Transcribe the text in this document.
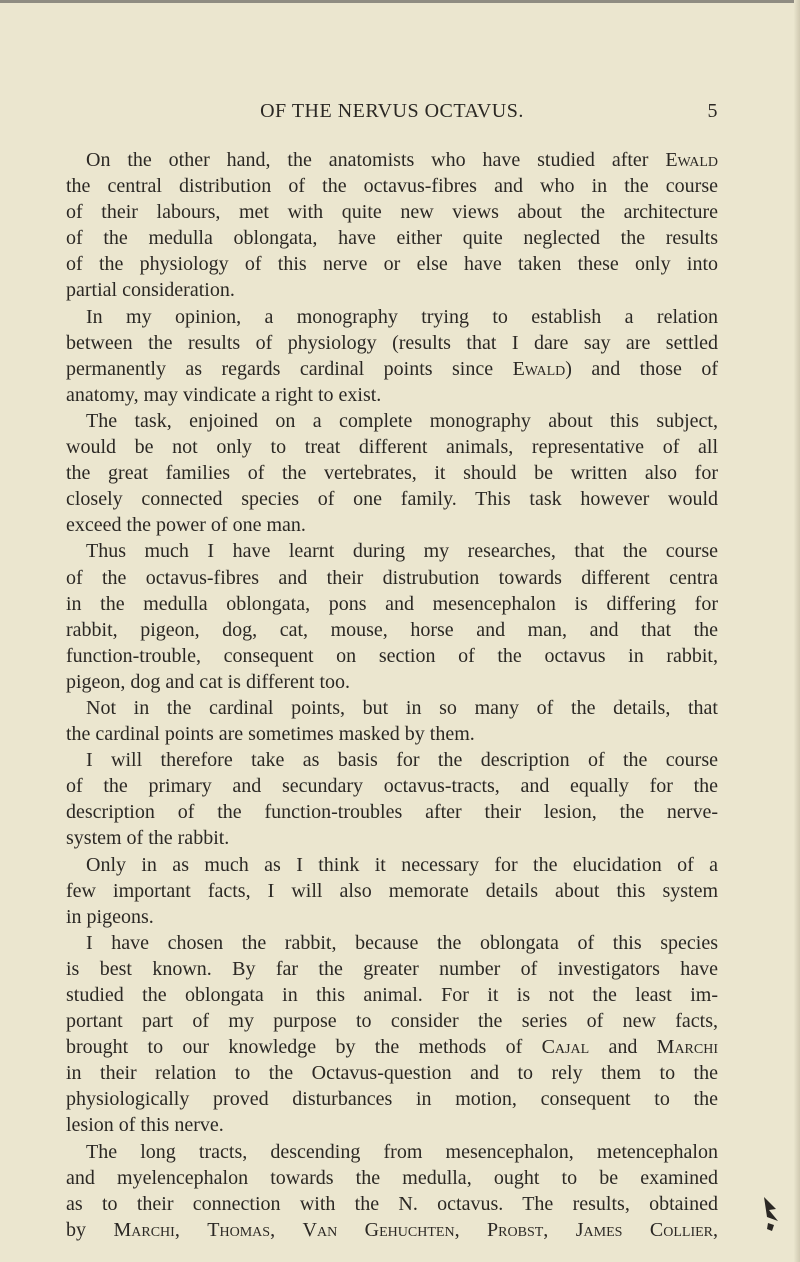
OF THE NERVUS OCTAVUS.	5
On the other hand, the anatomists who have studied after Ewald
the central distribution of the octavus-fibres and who in the course
of their labours, met with quite new views about the architecture
of the medulla oblongata, have either quite neglected the results
of the physiology of this nerve or else have taken these only into
partial consideration.
In my opinion, a monography trying to establish a relation
between the results of physiology (results that I dare say are settled
permanently as regards cardinal points since Ewald) and those of
anatomy, may vindicate a right to exist.
The task, enjoined on a complete monography about this subject,
would be not only to treat different animals, representative of all
the great families of the vertebrates, it should be written also for
closely connected species of one family. This task however would
exceed the power of one man.
Thus much I have learnt during my researches, that the course
of the octavus-fibres and their distrubution towards different centra
in the medulla oblongata, pons and mesencephalon is differing for
rabbit, pigeon, dog, cat, mouse, horse and man, and that the
function-trouble, consequent on section of the octavus in rabbit,
pigeon, dog and cat is different too.
Not in the cardinal points, but in so many of the details, that
the cardinal points are sometimes masked by them.
I will therefore take as basis for the description of the course
of the primary and secundary octavus-tracts, and equally for the
description of the function-troubles after their lesion, the nerve-
system of the rabbit.
Only in as much as I think it necessary for the elucidation of a
few important facts, I will also memorate details about this system
in pigeons.
I have chosen the rabbit, because the oblongata of this species
is best known. By far the greater number of investigators have
studied the oblongata in this animal. For it is not the least im-
portant part of my purpose to consider the series of new facts,
brought to our knowledge by the methods of Cajal and Marchi
in their relation to the Octavus-question and to rely them to the
physiologically proved disturbances in motion, consequent to the
lesion of this nerve.
The long tracts, descending from mesencephalon, metencephalon
and myelencephalon towards the medulla, ought to be examined
as to their connection with the N. octavus. The results, obtained
by Marchi, Thomas, Van Gehuchten, Probst, James Collier,
